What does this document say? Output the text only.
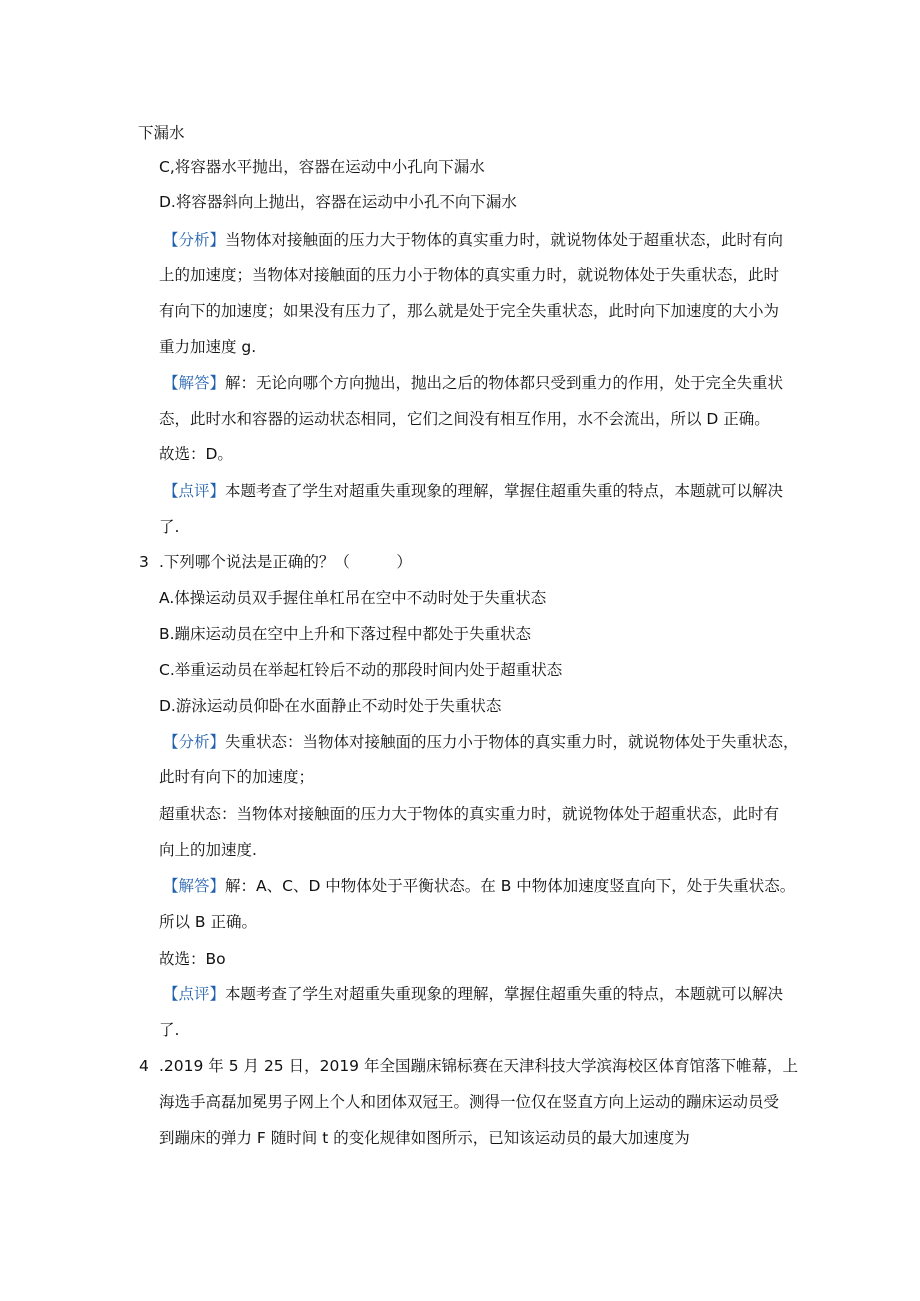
下漏水
C,将容器水平抛出，容器在运动中小孔向下漏水
D.将容器斜向上抛出，容器在运动中小孔不向下漏水
【分析】当物体对接触面的压力大于物体的真实重力时，就说物体处于超重状态，此时有向
上的加速度；当物体对接触面的压力小于物体的真实重力时，就说物体处于失重状态，此时
有向下的加速度；如果没有压力了，那么就是处于完全失重状态，此时向下加速度的大小为
重力加速度 g.
【解答】解：无论向哪个方向抛出，抛出之后的物体都只受到重力的作用，处于完全失重状
态，此时水和容器的运动状态相同，它们之间没有相互作用，水不会流出，所以 D 正确。
故选：D。
【点评】本题考查了学生对超重失重现象的理解，掌握住超重失重的特点，本题就可以解决
了.
3 .下列哪个说法是正确的？（　　　）
A.体操运动员双手握住单杠吊在空中不动时处于失重状态
B.蹦床运动员在空中上升和下落过程中都处于失重状态
C.举重运动员在举起杠铃后不动的那段时间内处于超重状态
D.游泳运动员仰卧在水面静止不动时处于失重状态
【分析】失重状态：当物体对接触面的压力小于物体的真实重力时，就说物体处于失重状态，
此时有向下的加速度；
超重状态：当物体对接触面的压力大于物体的真实重力时，就说物体处于超重状态，此时有
向上的加速度.
【解答】解：A、C、D 中物体处于平衡状态。在 B 中物体加速度竖直向下，处于失重状态。
所以 B 正确。
故选：Bo
【点评】本题考查了学生对超重失重现象的理解，掌握住超重失重的特点，本题就可以解决
了.
4 .2019 年 5 月 25 日，2019 年全国蹦床锦标赛在天津科技大学滨海校区体育馆落下帷幕，上
海选手高磊加冕男子网上个人和团体双冠王。测得一位仅在竖直方向上运动的蹦床运动员受
到蹦床的弹力 F 随时间 t 的变化规律如图所示，已知该运动员的最大加速度为
